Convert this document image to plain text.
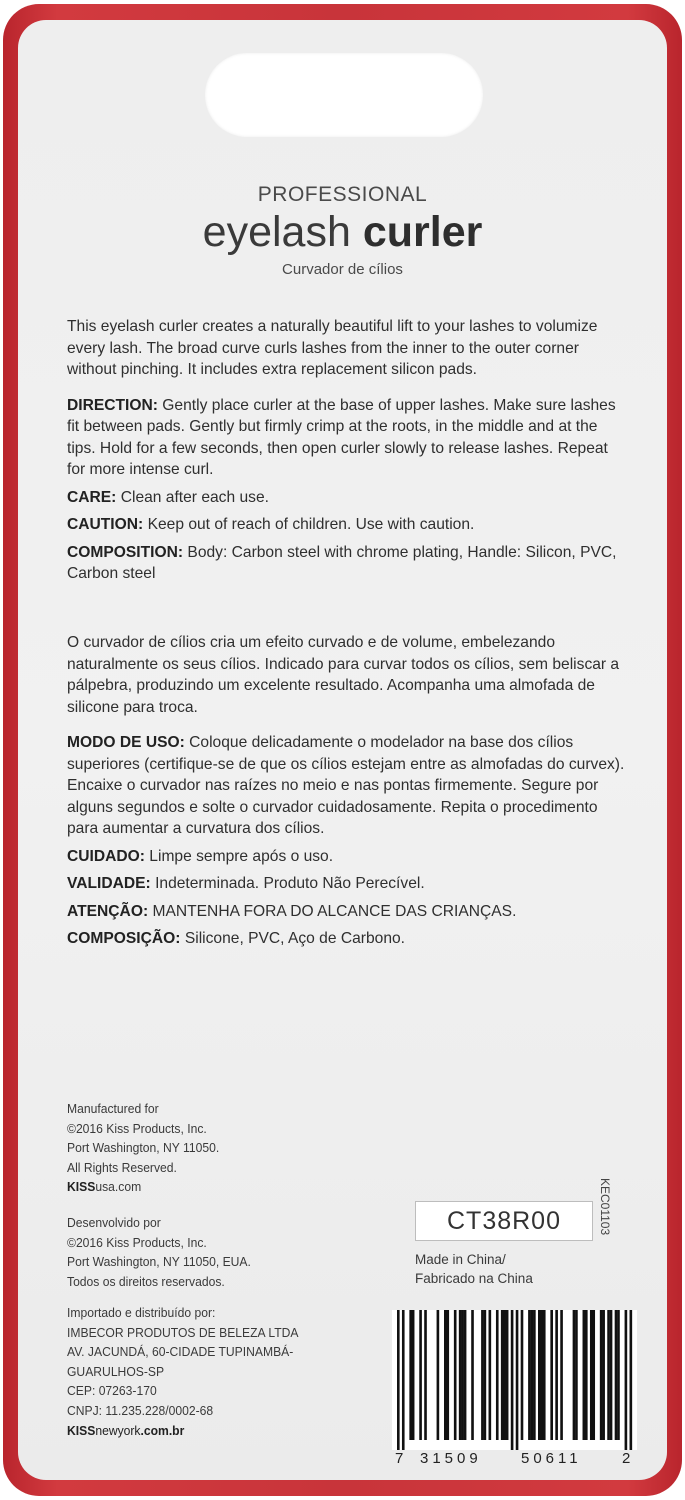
PROFESSIONAL
eyelash curler
Curvador de cílios

This eyelash curler creates a naturally beautiful lift to your lashes to volumize every lash. The broad curve curls lashes from the inner to the outer corner without pinching. It includes extra replacement silicon pads.

DIRECTION: Gently place curler at the base of upper lashes. Make sure lashes fit between pads. Gently but firmly crimp at the roots, in the middle and at the tips. Hold for a few seconds, then open curler slowly to release lashes. Repeat for more intense curl.

CARE: Clean after each use.

CAUTION: Keep out of reach of children. Use with caution.

COMPOSITION: Body: Carbon steel with chrome plating, Handle: Silicon, PVC, Carbon steel

O curvador de cílios cria um efeito curvado e de volume, embelezando naturalmente os seus cílios. Indicado para curvar todos os cílios, sem beliscar a pálpebra, produzindo um excelente resultado. Acompanha uma almofada de silicone para troca.

MODO DE USO: Coloque delicadamente o modelador na base dos cílios superiores (certifique-se de que os cílios estejam entre as almofadas do curvex). Encaixe o curvador nas raízes no meio e nas pontas firmemente. Segure por alguns segundos e solte o curvador cuidadosamente. Repita o procedimento para aumentar a curvatura dos cílios.

CUIDADO: Limpe sempre após o uso.

VALIDADE: Indeterminada. Produto Não Perecível.

ATENÇÃO: MANTENHA FORA DO ALCANCE DAS CRIANÇAS.

COMPOSIÇÃO: Silicone, PVC, Aço de Carbono.

Manufactured for
©2016 Kiss Products, Inc.
Port Washington, NY 11050.
All Rights Reserved.
KISSusa.com
Desenvolvido por
©2016 Kiss Products, Inc.
Port Washington, NY 11050, EUA.
Todos os direitos reservados.
Importado e distribuído por:
IMBECOR PRODUTOS DE BELEZA LTDA
AV. JACUNDÁ, 60-CIDADE TUPINAMBÁ-
GUARULHOS-SP
CEP: 07263-170
CNPJ: 11.235.228/0002-68
KISSnewyork.com.br
CT38R00	KEC01103
Made in China/
Fabricado na China
7 31509	50611	2
